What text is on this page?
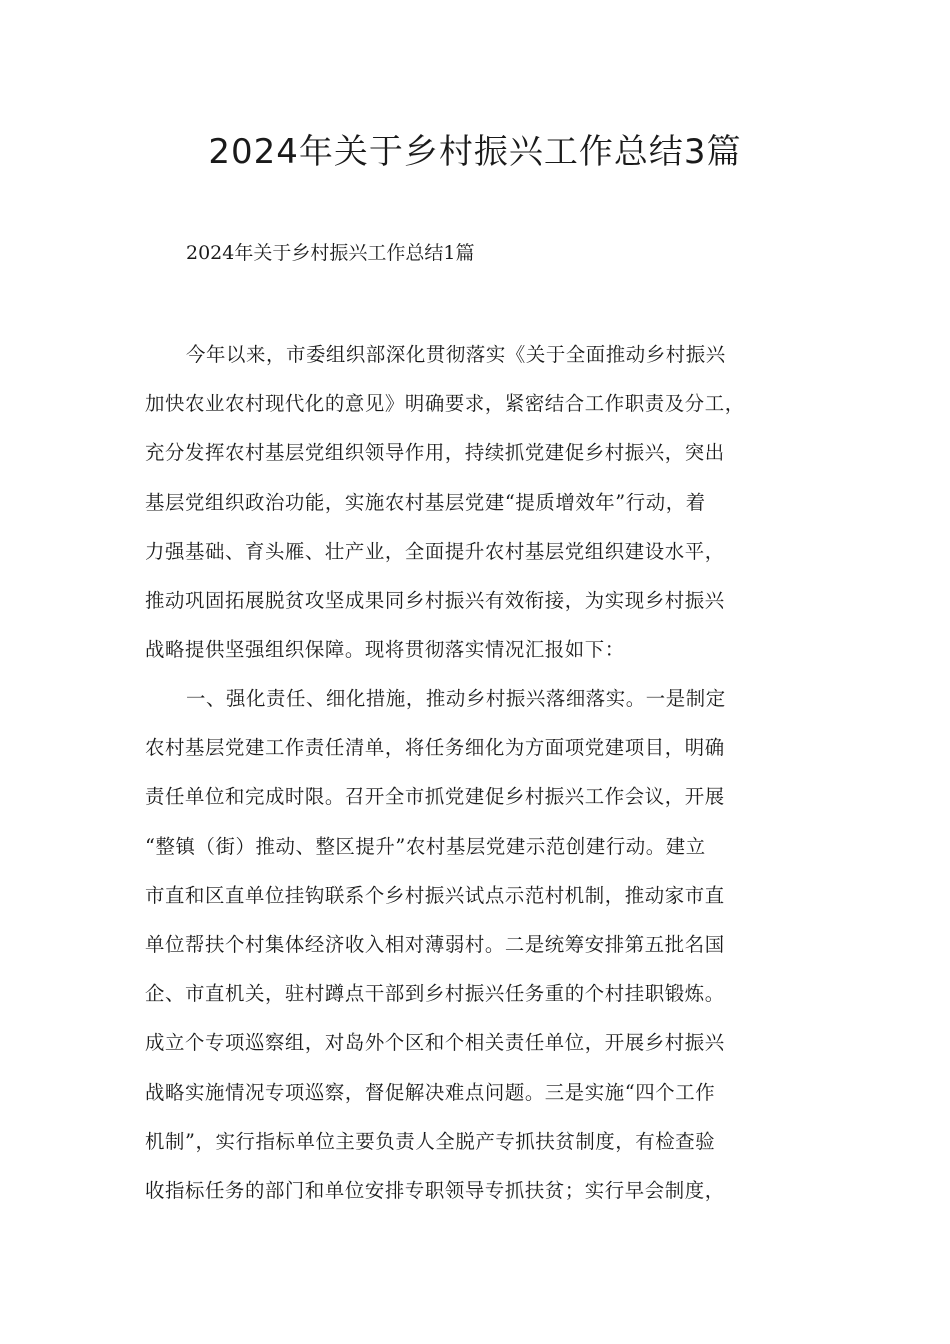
2024年关于乡村振兴工作总结3篇

2024年关于乡村振兴工作总结1篇

今年以来，市委组织部深化贯彻落实《关于全面推动乡村振兴
加快农业农村现代化的意见》明确要求，紧密结合工作职责及分工，
充分发挥农村基层党组织领导作用，持续抓党建促乡村振兴，突出
基层党组织政治功能，实施农村基层党建“提质增效年”行动，着
力强基础、育头雁、壮产业，全面提升农村基层党组织建设水平，
推动巩固拓展脱贫攻坚成果同乡村振兴有效衔接，为实现乡村振兴
战略提供坚强组织保障。现将贯彻落实情况汇报如下：
一、强化责任、细化措施，推动乡村振兴落细落实。一是制定
农村基层党建工作责任清单，将任务细化为方面项党建项目，明确
责任单位和完成时限。召开全市抓党建促乡村振兴工作会议，开展
“整镇（街）推动、整区提升”农村基层党建示范创建行动。建立
市直和区直单位挂钩联系个乡村振兴试点示范村机制，推动家市直
单位帮扶个村集体经济收入相对薄弱村。二是统筹安排第五批名国
企、市直机关，驻村蹲点干部到乡村振兴任务重的个村挂职锻炼。
成立个专项巡察组，对岛外个区和个相关责任单位，开展乡村振兴
战略实施情况专项巡察，督促解决难点问题。三是实施“四个工作
机制”，实行指标单位主要负责人全脱产专抓扶贫制度，有检查验
收指标任务的部门和单位安排专职领导专抓扶贫；实行早会制度，
